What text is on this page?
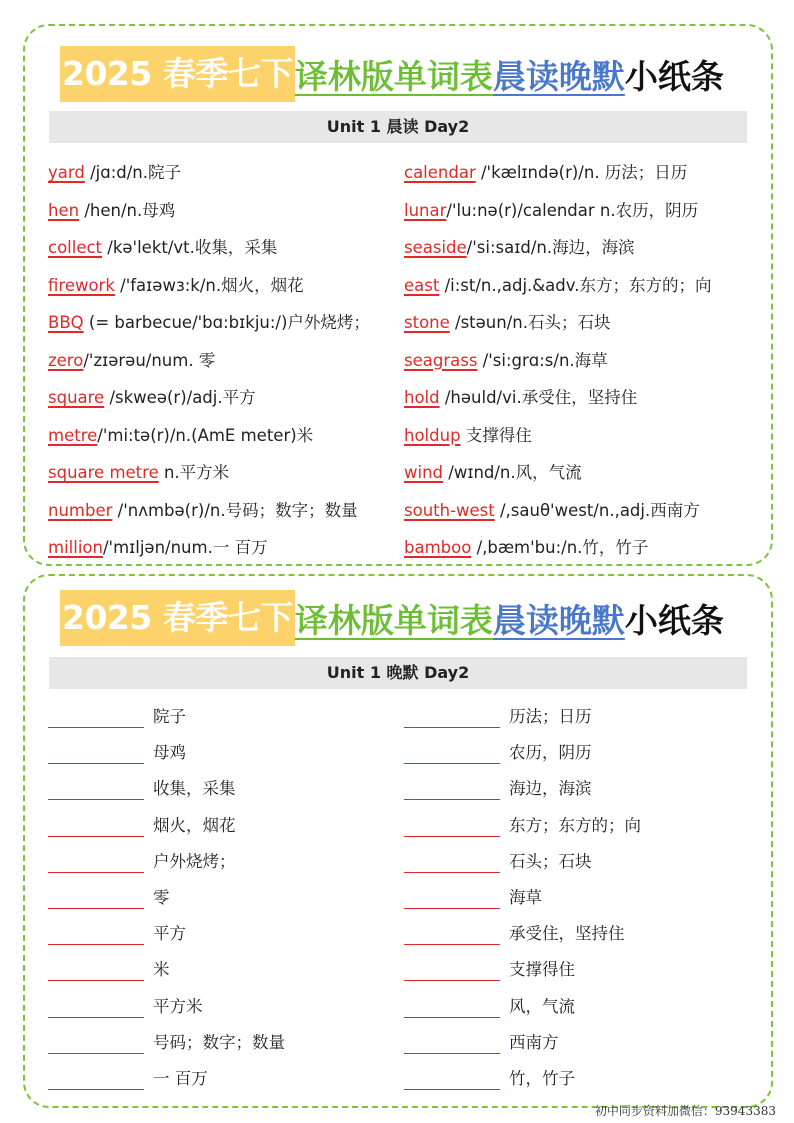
2025 春季七下 译林版单词表 晨读晚默 小纸条
Unit 1 晨读 Day2
yard /jɑ:d/n.院子
hen /hen/n.母鸡
collect /kə'lekt/vt.收集，采集
firework /'faɪəwɜ:k/n.烟火，烟花
BBQ (= barbecue/'bɑ:bɪkju:/)户外烧烤；
zero/'zɪərəu/num. 零
square /skweə(r)/adj.平方
metre/'mi:tə(r)/n.(AmE meter)米
square metre n.平方米
number /'nʌmbə(r)/n.号码；数字；数量
million/'mɪljən/num.一 百万
calendar /'kælɪndə(r)/n. 历法；日历
lunar/'lu:nə(r)/calendar n.农历，阴历
seaside/'si:saɪd/n.海边，海滨
east /i:st/n.,adj.&adv.东方；东方的；向
stone /stəun/n.石头；石块
seagrass /'si:grɑ:s/n.海草
hold /həuld/vi.承受住，坚持住
holdup 支撑得住
wind /wɪnd/n.风，气流
south-west /,sauθ'west/n.,adj.西南方
bamboo /,bæm'bu:/n.竹，竹子
2025 春季七下 译林版单词表 晨读晚默 小纸条
Unit 1 晚默 Day2
院子
母鸡
收集，采集
烟火，烟花
户外烧烤；
零
平方
米
平方米
号码；数字；数量
一 百万
历法；日历
农历，阴历
海边，海滨
东方；东方的；向
石头；石块
海草
承受住，坚持住
支撑得住
风，气流
西南方
竹，竹子
初中同步资料加微信：93943383
